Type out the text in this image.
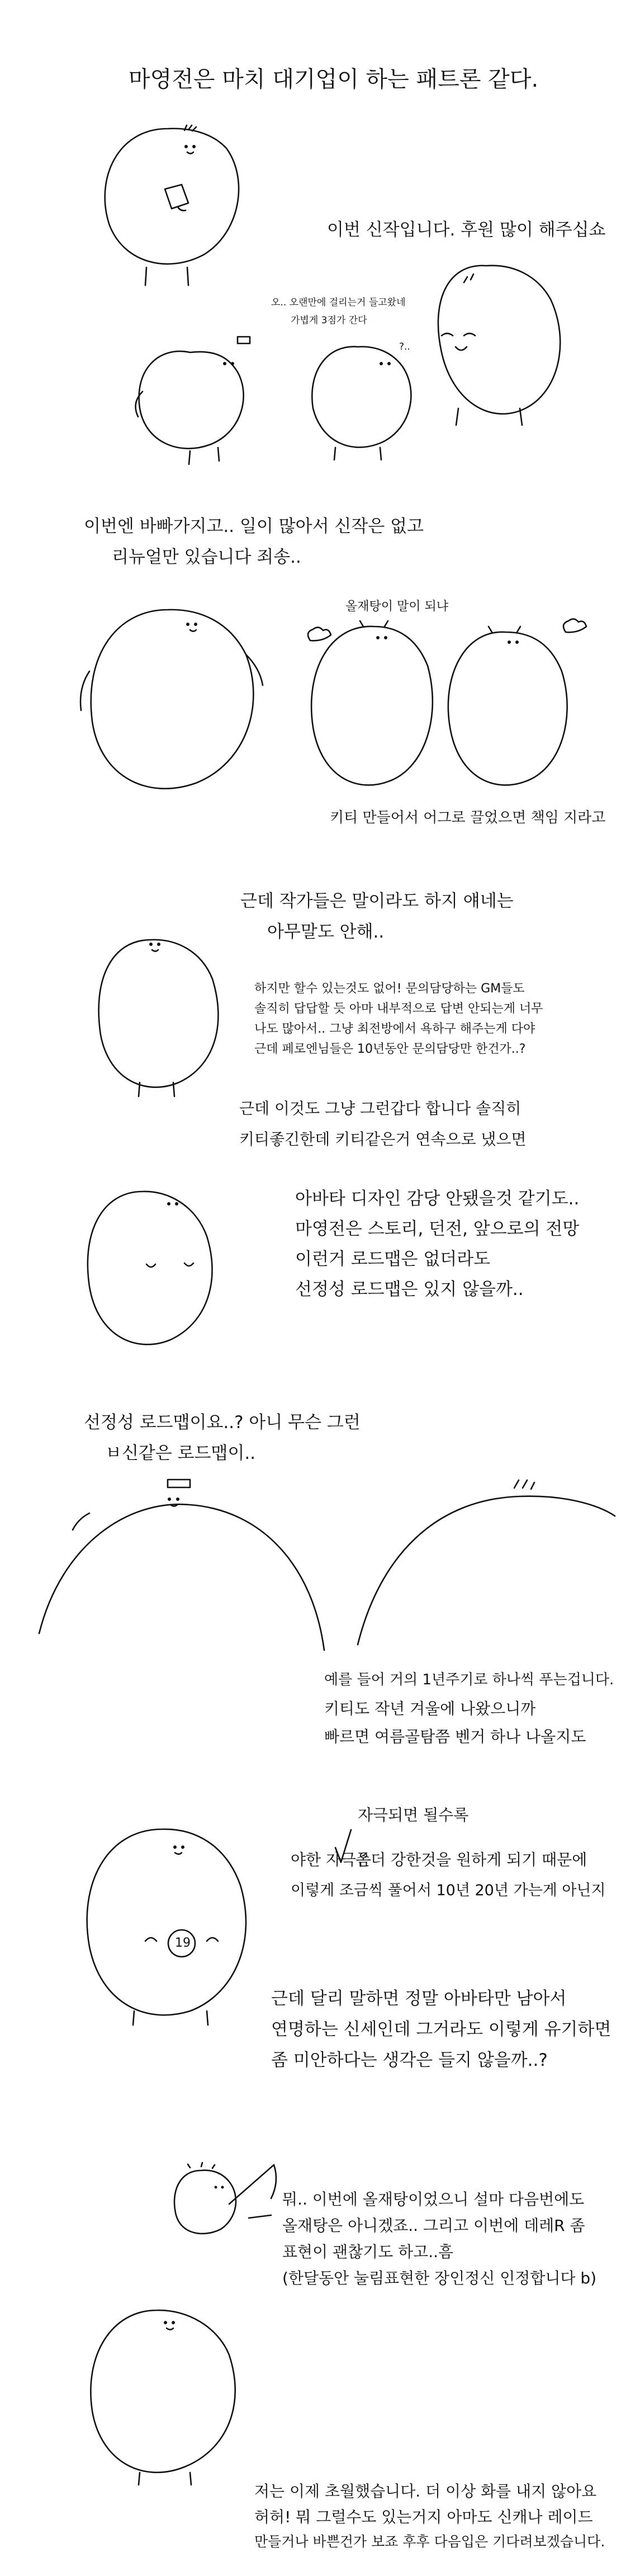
마영전은 마치 대기업이 하는 패트론 같다.
이번 신작입니다. 후원 많이 해주십쇼
오.. 오랜만에 걸리는거 들고왔네
가볍게 3점가 간다
?..
이번엔 바빠가지고.. 일이 많아서 신작은 없고
리뉴얼만 있습니다 죄송..
올재탕이 말이 되냐
키티 만들어서 어그로 끌었으면 책임 지라고
근데 작가들은 말이라도 하지 얘네는
아무말도 안해..
하지만 할수 있는것도 없어! 문의담당하는 GM들도
솔직히 답답할 듯 아마 내부적으로 답변 안되는게 너무
나도 많아서.. 그냥 최전방에서 욕하구 해주는게 다야
근데 페로엔님들은 10년동안 문의담당만 한건가..?
근데 이것도 그냥 그런갑다 합니다 솔직히
키티좋긴한데 키티같은거 연속으로 냈으면
아바타 디자인 감당 안됐을것 같기도..
마영전은 스토리, 던전, 앞으로의 전망
이런거 로드맵은 없더라도
선정성 로드맵은 있지 않을까..
선정성 로드맵이요..? 아니 무슨 그런
ㅂ신같은 로드맵이..
예를 들어 거의 1년주기로 하나씩 푸는겁니다.
키티도 작년 겨울에 나왔으니까
빠르면 여름골탐쯤 벤거 하나 나올지도
자극되면 될수록
야한 자극은
좀더 강한것을 원하게 되기 때문에
이렇게 조금씩 풀어서 10년 20년 가는게 아닌지
19
근데 달리 말하면 정말 아바타만 남아서
연명하는 신세인데 그거라도 이렇게 유기하면
좀 미안하다는 생각은 들지 않을까..?
뭐.. 이번에 올재탕이었으니 설마 다음번에도
올재탕은 아니겠죠.. 그리고 이번에 데레R 좀
표현이 괜찮기도 하고..흠
(한달동안 눌림표현한 장인정신 인정합니다 b)
저는 이제 초월했습니다. 더 이상 화를 내지 않아요
허허! 뭐 그럴수도 있는거지 아마도 신캐나 레이드
만들거나 바쁜건가 보죠 후후 다음입은 기다려보겠습니다.
